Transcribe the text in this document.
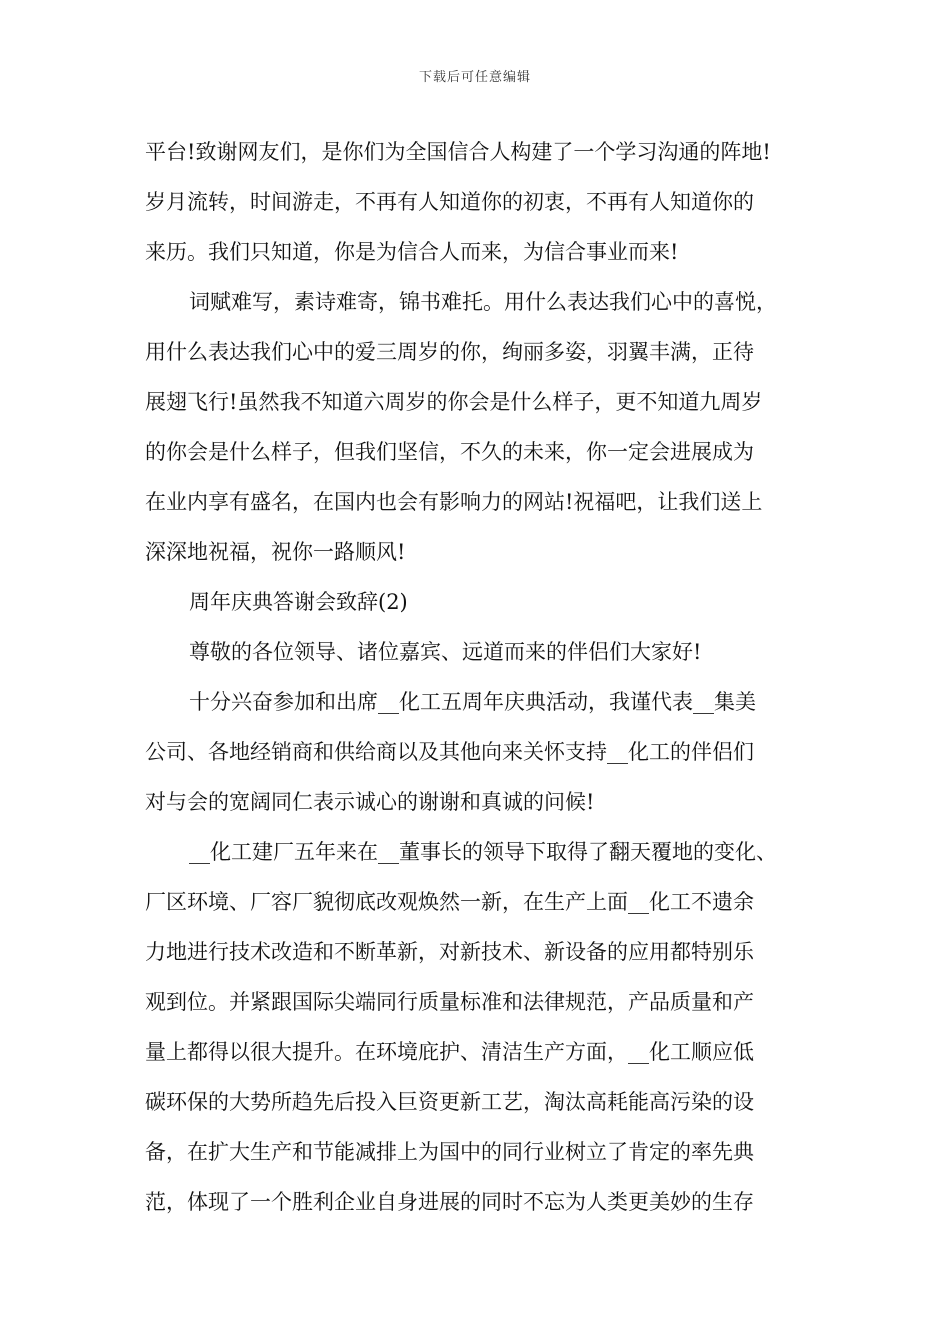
下载后可任意编辑
平台!致谢网友们，是你们为全国信合人构建了一个学习沟通的阵地!
岁月流转，时间游走，不再有人知道你的初衷，不再有人知道你的
来历。我们只知道，你是为信合人而来，为信合事业而来!
词赋难写，素诗难寄，锦书难托。用什么表达我们心中的喜悦，
用什么表达我们心中的爱三周岁的你，绚丽多姿，羽翼丰满，正待
展翅飞行!虽然我不知道六周岁的你会是什么样子，更不知道九周岁
的你会是什么样子，但我们坚信，不久的未来，你一定会进展成为
在业内享有盛名，在国内也会有影响力的网站!祝福吧，让我们送上
深深地祝福，祝你一路顺风!
周年庆典答谢会致辞(2)
尊敬的各位领导、诸位嘉宾、远道而来的伴侣们大家好!
十分兴奋参加和出席__化工五周年庆典活动，我谨代表__集美
公司、各地经销商和供给商以及其他向来关怀支持__化工的伴侣们
对与会的宽阔同仁表示诚心的谢谢和真诚的问候!
__化工建厂五年来在__董事长的领导下取得了翻天覆地的变化、
厂区环境、厂容厂貌彻底改观焕然一新，在生产上面__化工不遗余
力地进行技术改造和不断革新，对新技术、新设备的应用都特别乐
观到位。并紧跟国际尖端同行质量标准和法律规范，产品质量和产
量上都得以很大提升。在环境庇护、清洁生产方面，__化工顺应低
碳环保的大势所趋先后投入巨资更新工艺，淘汰高耗能高污染的设
备，在扩大生产和节能减排上为国中的同行业树立了肯定的率先典
范，体现了一个胜利企业自身进展的同时不忘为人类更美妙的生存
